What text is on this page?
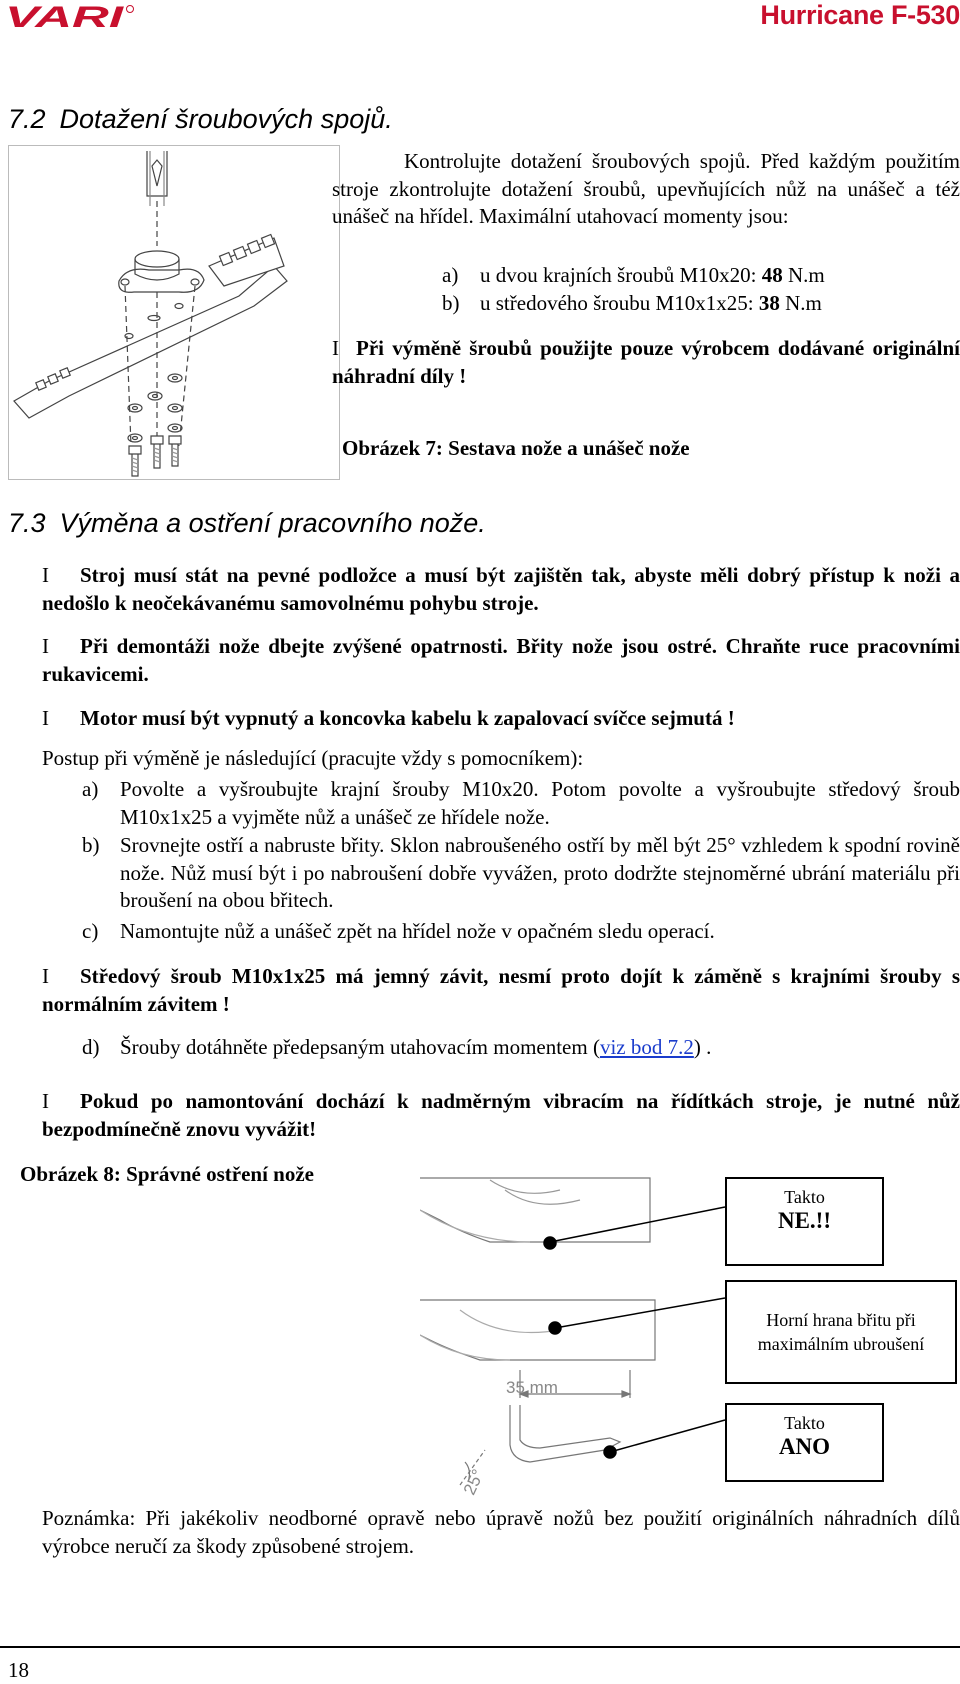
VARI	Hurricane F-530
7.2 Dotažení šroubových spojů.
Kontrolujte dotažení šroubových spojů. Před každým použitím stroje zkontrolujte dotažení šroubů, upevňujících nůž na unášeč a též unášeč na hřídel. Maximální utahovací momenty jsou:
a) u dvou krajních šroubů M10x20: 48 N.m
b) u středového šroubu M10x1x25: 38 N.m
I Při výměně šroubů použijte pouze výrobcem dodávané originální náhradní díly !
Obrázek 7: Sestava nože a unášeč nože
7.3 Výměna a ostření pracovního nože.
I Stroj musí stát na pevné podložce a musí být zajištěn tak, abyste měli dobrý přístup k noži a nedošlo k neočekávanému samovolnému pohybu stroje.
I Při demontáži nože dbejte zvýšené opatrnosti. Břity nože jsou ostré. Chraňte ruce pracovními rukavicemi.
I Motor musí být vypnutý a koncovka kabelu k zapalovací svíčce sejmutá !
Postup při výměně je následující (pracujte vždy s pomocníkem):
a) Povolte a vyšroubujte krajní šrouby M10x20. Potom povolte a vyšroubujte středový šroub M10x1x25 a vyjměte nůž a unášeč ze hřídele nože.
b) Srovnejte ostří a nabruste břity. Sklon nabroušeného ostří by měl být 25° vzhledem k spodní rovině nože. Nůž musí být i po nabroušení dobře vyvážen, proto dodržte stejnoměrné ubrání materiálu při broušení na obou břitech.
c) Namontujte nůž a unášeč zpět na hřídel nože v opačném sledu operací.
I Středový šroub M10x1x25 má jemný závit, nesmí proto dojít k záměně s krajními šrouby s normálním závitem !
d) Šrouby dotáhněte předepsaným utahovacím momentem (viz bod 7.2) .
I Pokud po namontování dochází k nadměrným vibracím na řídítkách stroje, je nutné nůž bezpodmínečně znovu vyvážit!
Obrázek 8: Správné ostření nože
35 mm
25°
Takto
NE.!!
Horní hrana břitu při maximálním ubroušení
Takto
ANO
Poznámka: Při jakékoliv neodborné opravě nebo úpravě nožů bez použití originálních náhradních dílů výrobce neručí za škody způsobené strojem.
18
